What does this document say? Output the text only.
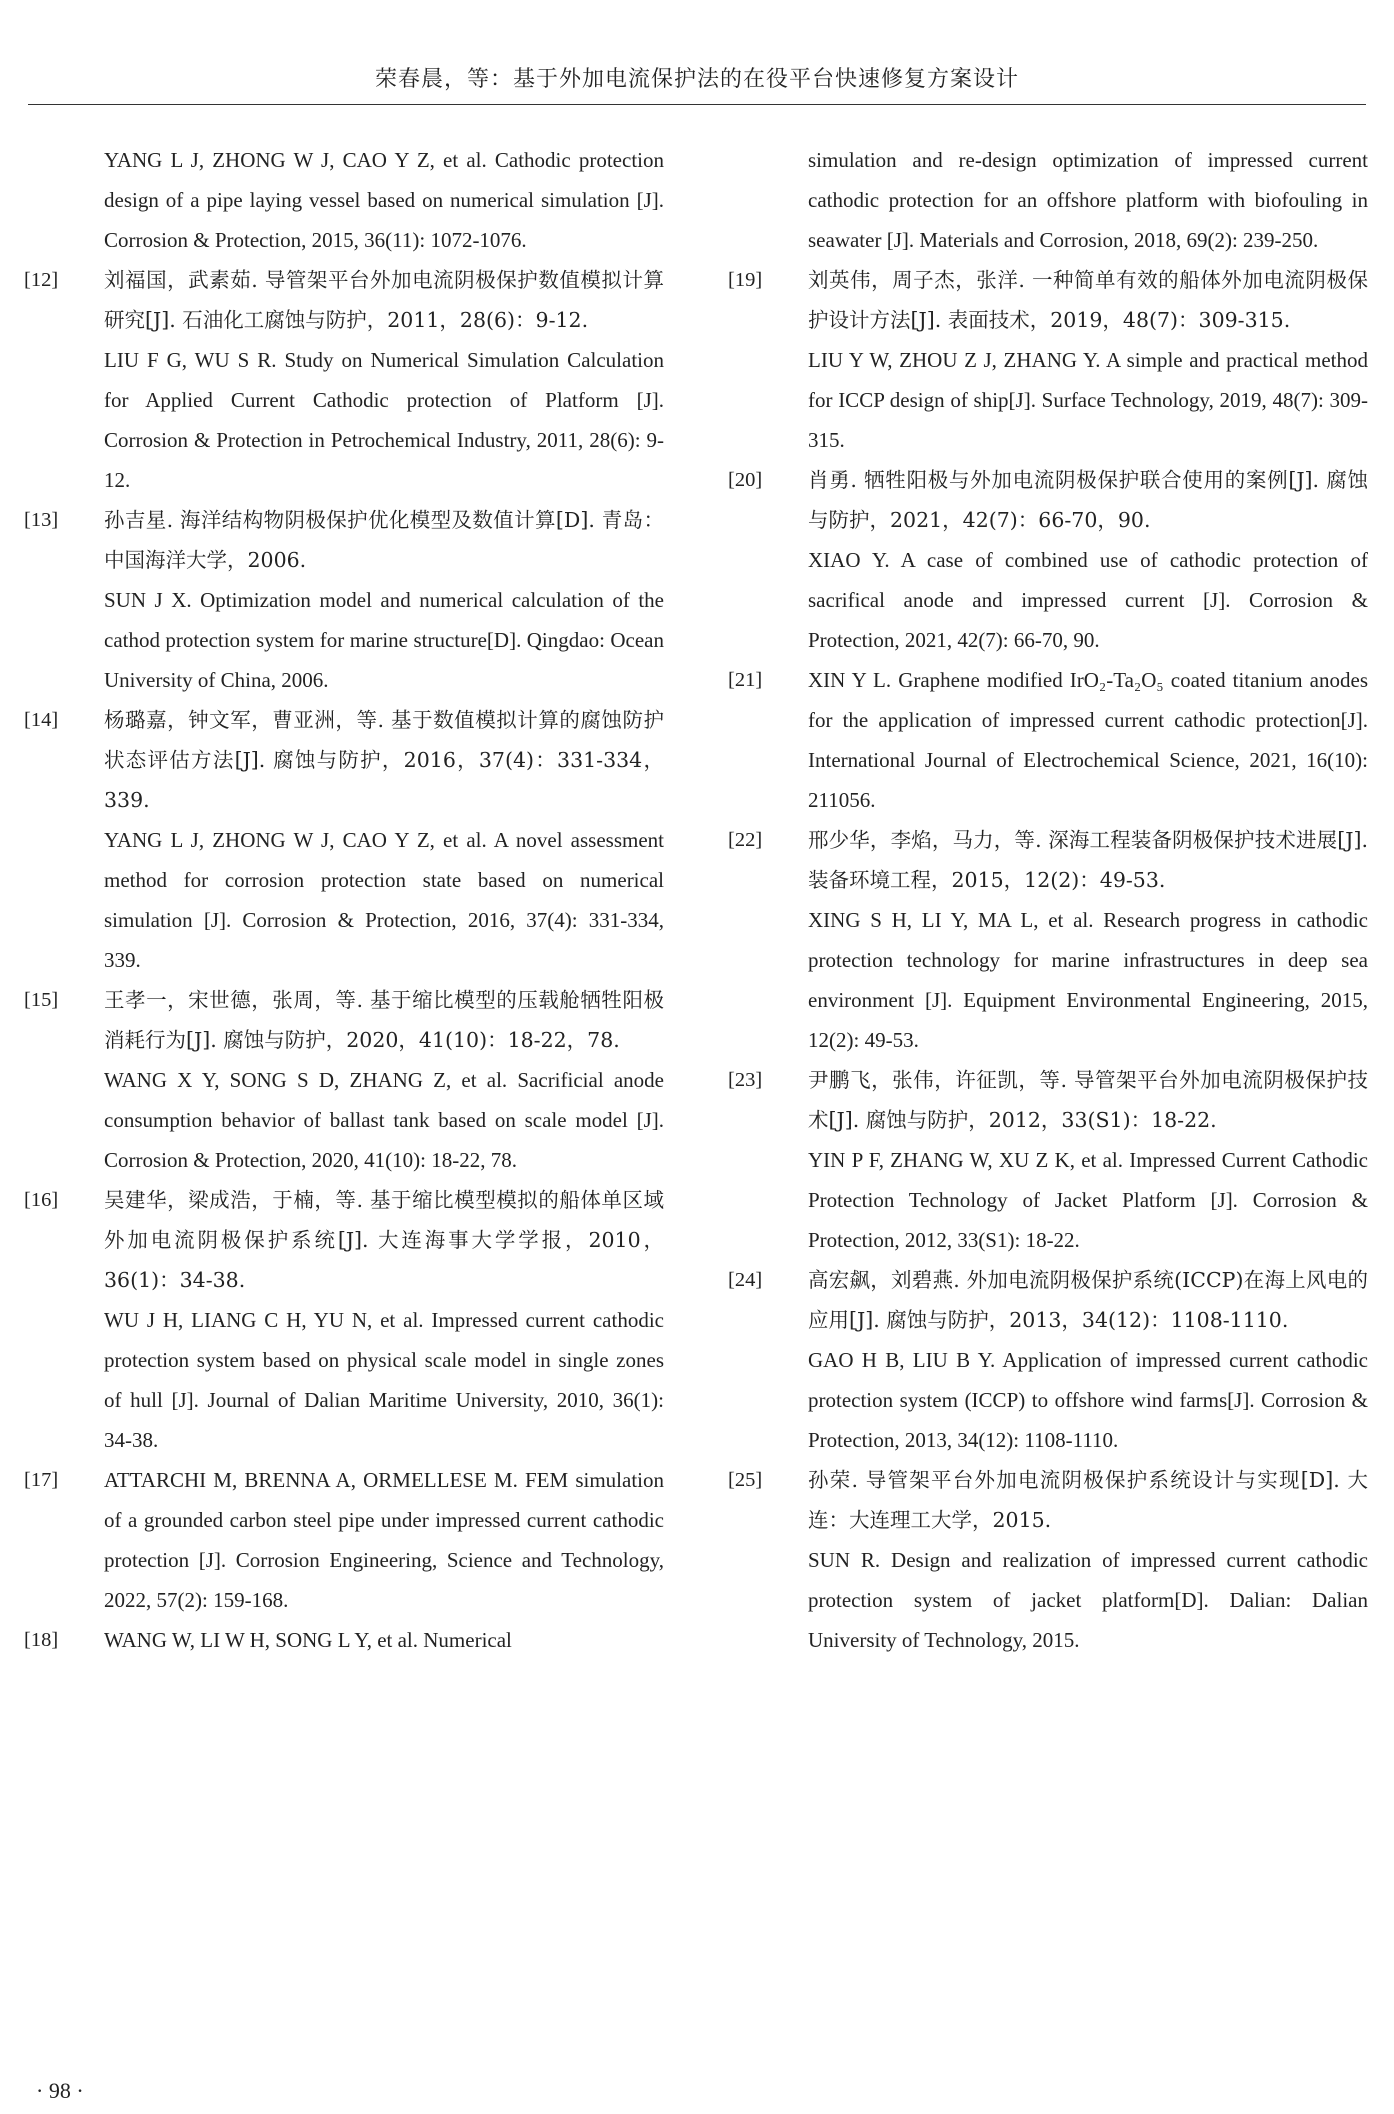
荣春晨，等：基于外加电流保护法的在役平台快速修复方案设计
YANG L J, ZHONG W J, CAO Y Z, et al. Cathodic protection design of a pipe laying vessel based on numerical simulation [J]. Corrosion & Protection, 2015, 36(11): 1072-1076.
[12]	刘福国，武素茹. 导管架平台外加电流阴极保护数值模拟计算研究[J]. 石油化工腐蚀与防护，2011，28(6)：9-12.
LIU F G, WU S R. Study on Numerical Simulation Calculation for Applied Current Cathodic protection of Platform [J]. Corrosion & Protection in Petrochemical Industry, 2011, 28(6): 9-12.
[13]	孙吉星. 海洋结构物阴极保护优化模型及数值计算[D]. 青岛：中国海洋大学，2006.
SUN J X. Optimization model and numerical calculation of the cathod protection system for marine structure[D]. Qingdao: Ocean University of China, 2006.
[14]	杨璐嘉，钟文军，曹亚洲，等. 基于数值模拟计算的腐蚀防护状态评估方法[J]. 腐蚀与防护，2016，37(4)：331-334，339.
YANG L J, ZHONG W J, CAO Y Z, et al. A novel assessment method for corrosion protection state based on numerical simulation [J]. Corrosion & Protection, 2016, 37(4): 331-334, 339.
[15]	王孝一，宋世德，张周，等. 基于缩比模型的压载舱牺牲阳极消耗行为[J]. 腐蚀与防护，2020，41(10)：18-22，78.
WANG X Y, SONG S D, ZHANG Z, et al. Sacrificial anode consumption behavior of ballast tank based on scale model [J]. Corrosion & Protection, 2020, 41(10): 18-22, 78.
[16]	吴建华，梁成浩，于楠，等. 基于缩比模型模拟的船体单区域外加电流阴极保护系统[J]. 大连海事大学学报，2010，36(1)：34-38.
WU J H, LIANG C H, YU N, et al. Impressed current cathodic protection system based on physical scale model in single zones of hull [J]. Journal of Dalian Maritime University, 2010, 36(1): 34-38.
[17]	ATTARCHI M, BRENNA A, ORMELLESE M. FEM simulation of a grounded carbon steel pipe under impressed current cathodic protection [J]. Corrosion Engineering, Science and Technology, 2022, 57(2): 159-168.
[18]	WANG W, LI W H, SONG L Y, et al. Numerical
simulation and re-design optimization of impressed current cathodic protection for an offshore platform with biofouling in seawater [J]. Materials and Corrosion, 2018, 69(2): 239-250.
[19]	刘英伟，周子杰，张洋. 一种简单有效的船体外加电流阴极保护设计方法[J]. 表面技术，2019，48(7)：309-315.
LIU Y W, ZHOU Z J, ZHANG Y. A simple and practical method for ICCP design of ship[J]. Surface Technology, 2019, 48(7): 309-315.
[20]	肖勇. 牺牲阳极与外加电流阴极保护联合使用的案例[J]. 腐蚀与防护，2021，42(7)：66-70，90.
XIAO Y. A case of combined use of cathodic protection of sacrifical anode and impressed current [J]. Corrosion & Protection, 2021, 42(7): 66-70, 90.
[21]	XIN Y L. Graphene modified IrO₂-Ta₂O₅ coated titanium anodes for the application of impressed current cathodic protection[J]. International Journal of Electrochemical Science, 2021, 16(10): 211056.
[22]	邢少华，李焰，马力，等. 深海工程装备阴极保护技术进展[J]. 装备环境工程，2015，12(2)：49-53.
XING S H, LI Y, MA L, et al. Research progress in cathodic protection technology for marine infrastructures in deep sea environment [J]. Equipment Environmental Engineering, 2015, 12(2): 49-53.
[23]	尹鹏飞，张伟，许征凯，等. 导管架平台外加电流阴极保护技术[J]. 腐蚀与防护，2012，33(S1)：18-22.
YIN P F, ZHANG W, XU Z K, et al. Impressed Current Cathodic Protection Technology of Jacket Platform [J]. Corrosion & Protection, 2012, 33(S1): 18-22.
[24]	高宏飙，刘碧燕. 外加电流阴极保护系统(ICCP)在海上风电的应用[J]. 腐蚀与防护，2013，34(12)：1108-1110.
GAO H B, LIU B Y. Application of impressed current cathodic protection system (ICCP) to offshore wind farms[J]. Corrosion & Protection, 2013, 34(12): 1108-1110.
[25]	孙荣. 导管架平台外加电流阴极保护系统设计与实现[D]. 大连：大连理工大学，2015.
SUN R. Design and realization of impressed current cathodic protection system of jacket platform[D]. Dalian: Dalian University of Technology, 2015.
· 98 ·
